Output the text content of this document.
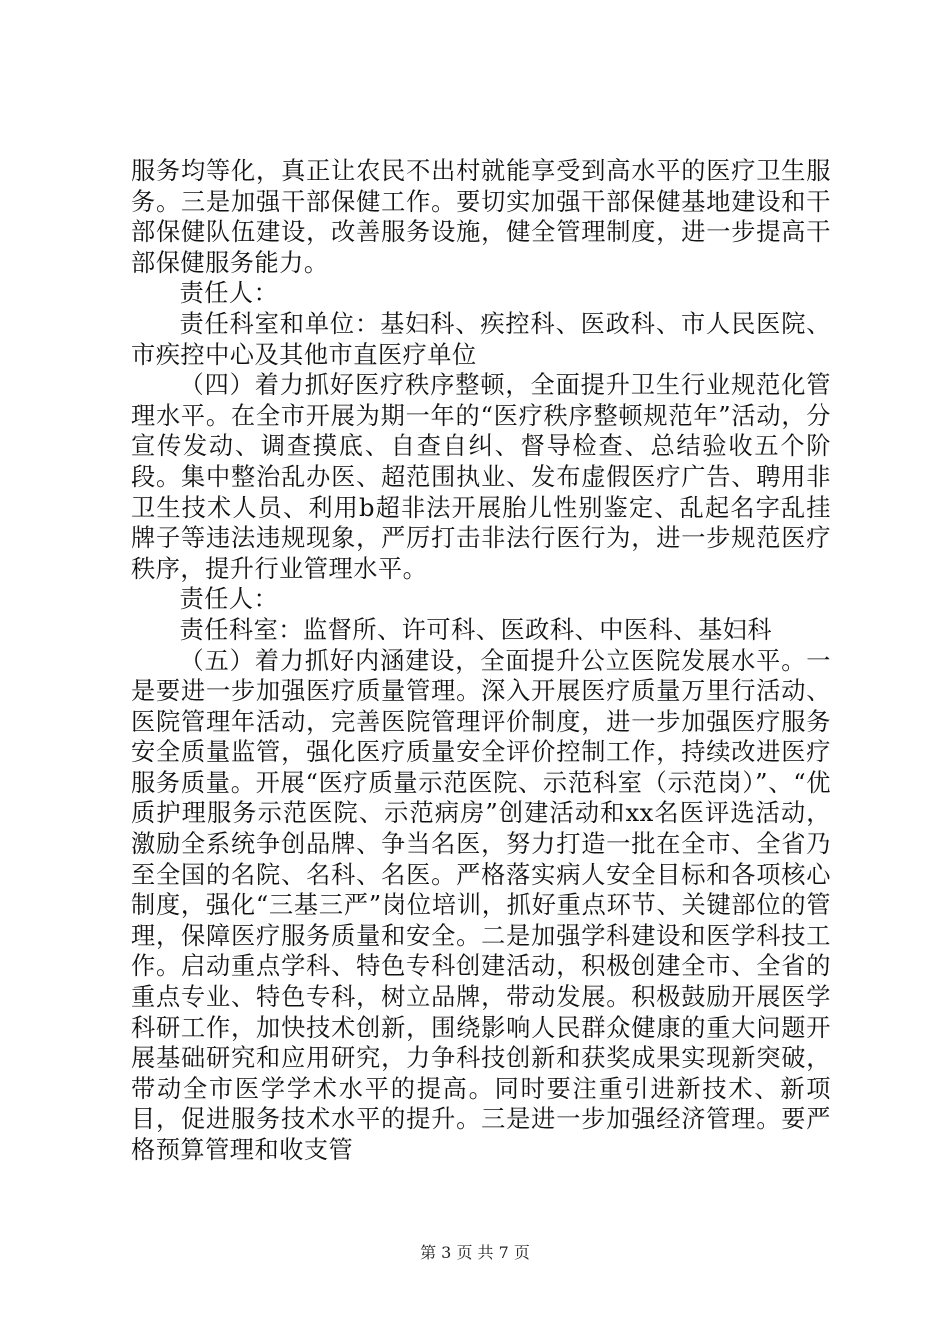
服务均等化，真正让农民不出村就能享受到高水平的医疗卫生服务。三是加强干部保健工作。要切实加强干部保健基地建设和干部保健队伍建设，改善服务设施，健全管理制度，进一步提高干部保健服务能力。

责任人：

责任科室和单位：基妇科、疾控科、医政科、市人民医院、市疾控中心及其他市直医疗单位

（四）着力抓好医疗秩序整顿，全面提升卫生行业规范化管理水平。在全市开展为期一年的“医疗秩序整顿规范年”活动，分宣传发动、调查摸底、自查自纠、督导检查、总结验收五个阶段。集中整治乱办医、超范围执业、发布虚假医疗广告、聘用非卫生技术人员、利用b超非法开展胎儿性别鉴定、乱起名字乱挂牌子等违法违规现象，严厉打击非法行医行为，进一步规范医疗秩序，提升行业管理水平。

责任人：

责任科室：监督所、许可科、医政科、中医科、基妇科

（五）着力抓好内涵建设，全面提升公立医院发展水平。一是要进一步加强医疗质量管理。深入开展医疗质量万里行活动、医院管理年活动，完善医院管理评价制度，进一步加强医疗服务安全质量监管，强化医疗质量安全评价控制工作，持续改进医疗服务质量。开展“医疗质量示范医院、示范科室（示范岗）”、“优质护理服务示范医院、示范病房”创建活动和xx名医评选活动，激励全系统争创品牌、争当名医，努力打造一批在全市、全省乃至全国的名院、名科、名医。严格落实病人安全目标和各项核心制度，强化“三基三严”岗位培训，抓好重点环节、关键部位的管理，保障医疗服务质量和安全。二是加强学科建设和医学科技工作。启动重点学科、特色专科创建活动，积极创建全市、全省的重点专业、特色专科，树立品牌，带动发展。积极鼓励开展医学科研工作，加快技术创新，围绕影响人民群众健康的重大问题开展基础研究和应用研究，力争科技创新和获奖成果实现新突破，带动全市医学学术水平的提高。同时要注重引进新技术、新项目，促进服务技术水平的提升。三是进一步加强经济管理。要严格预算管理和收支管

第 3 页 共 7 页
